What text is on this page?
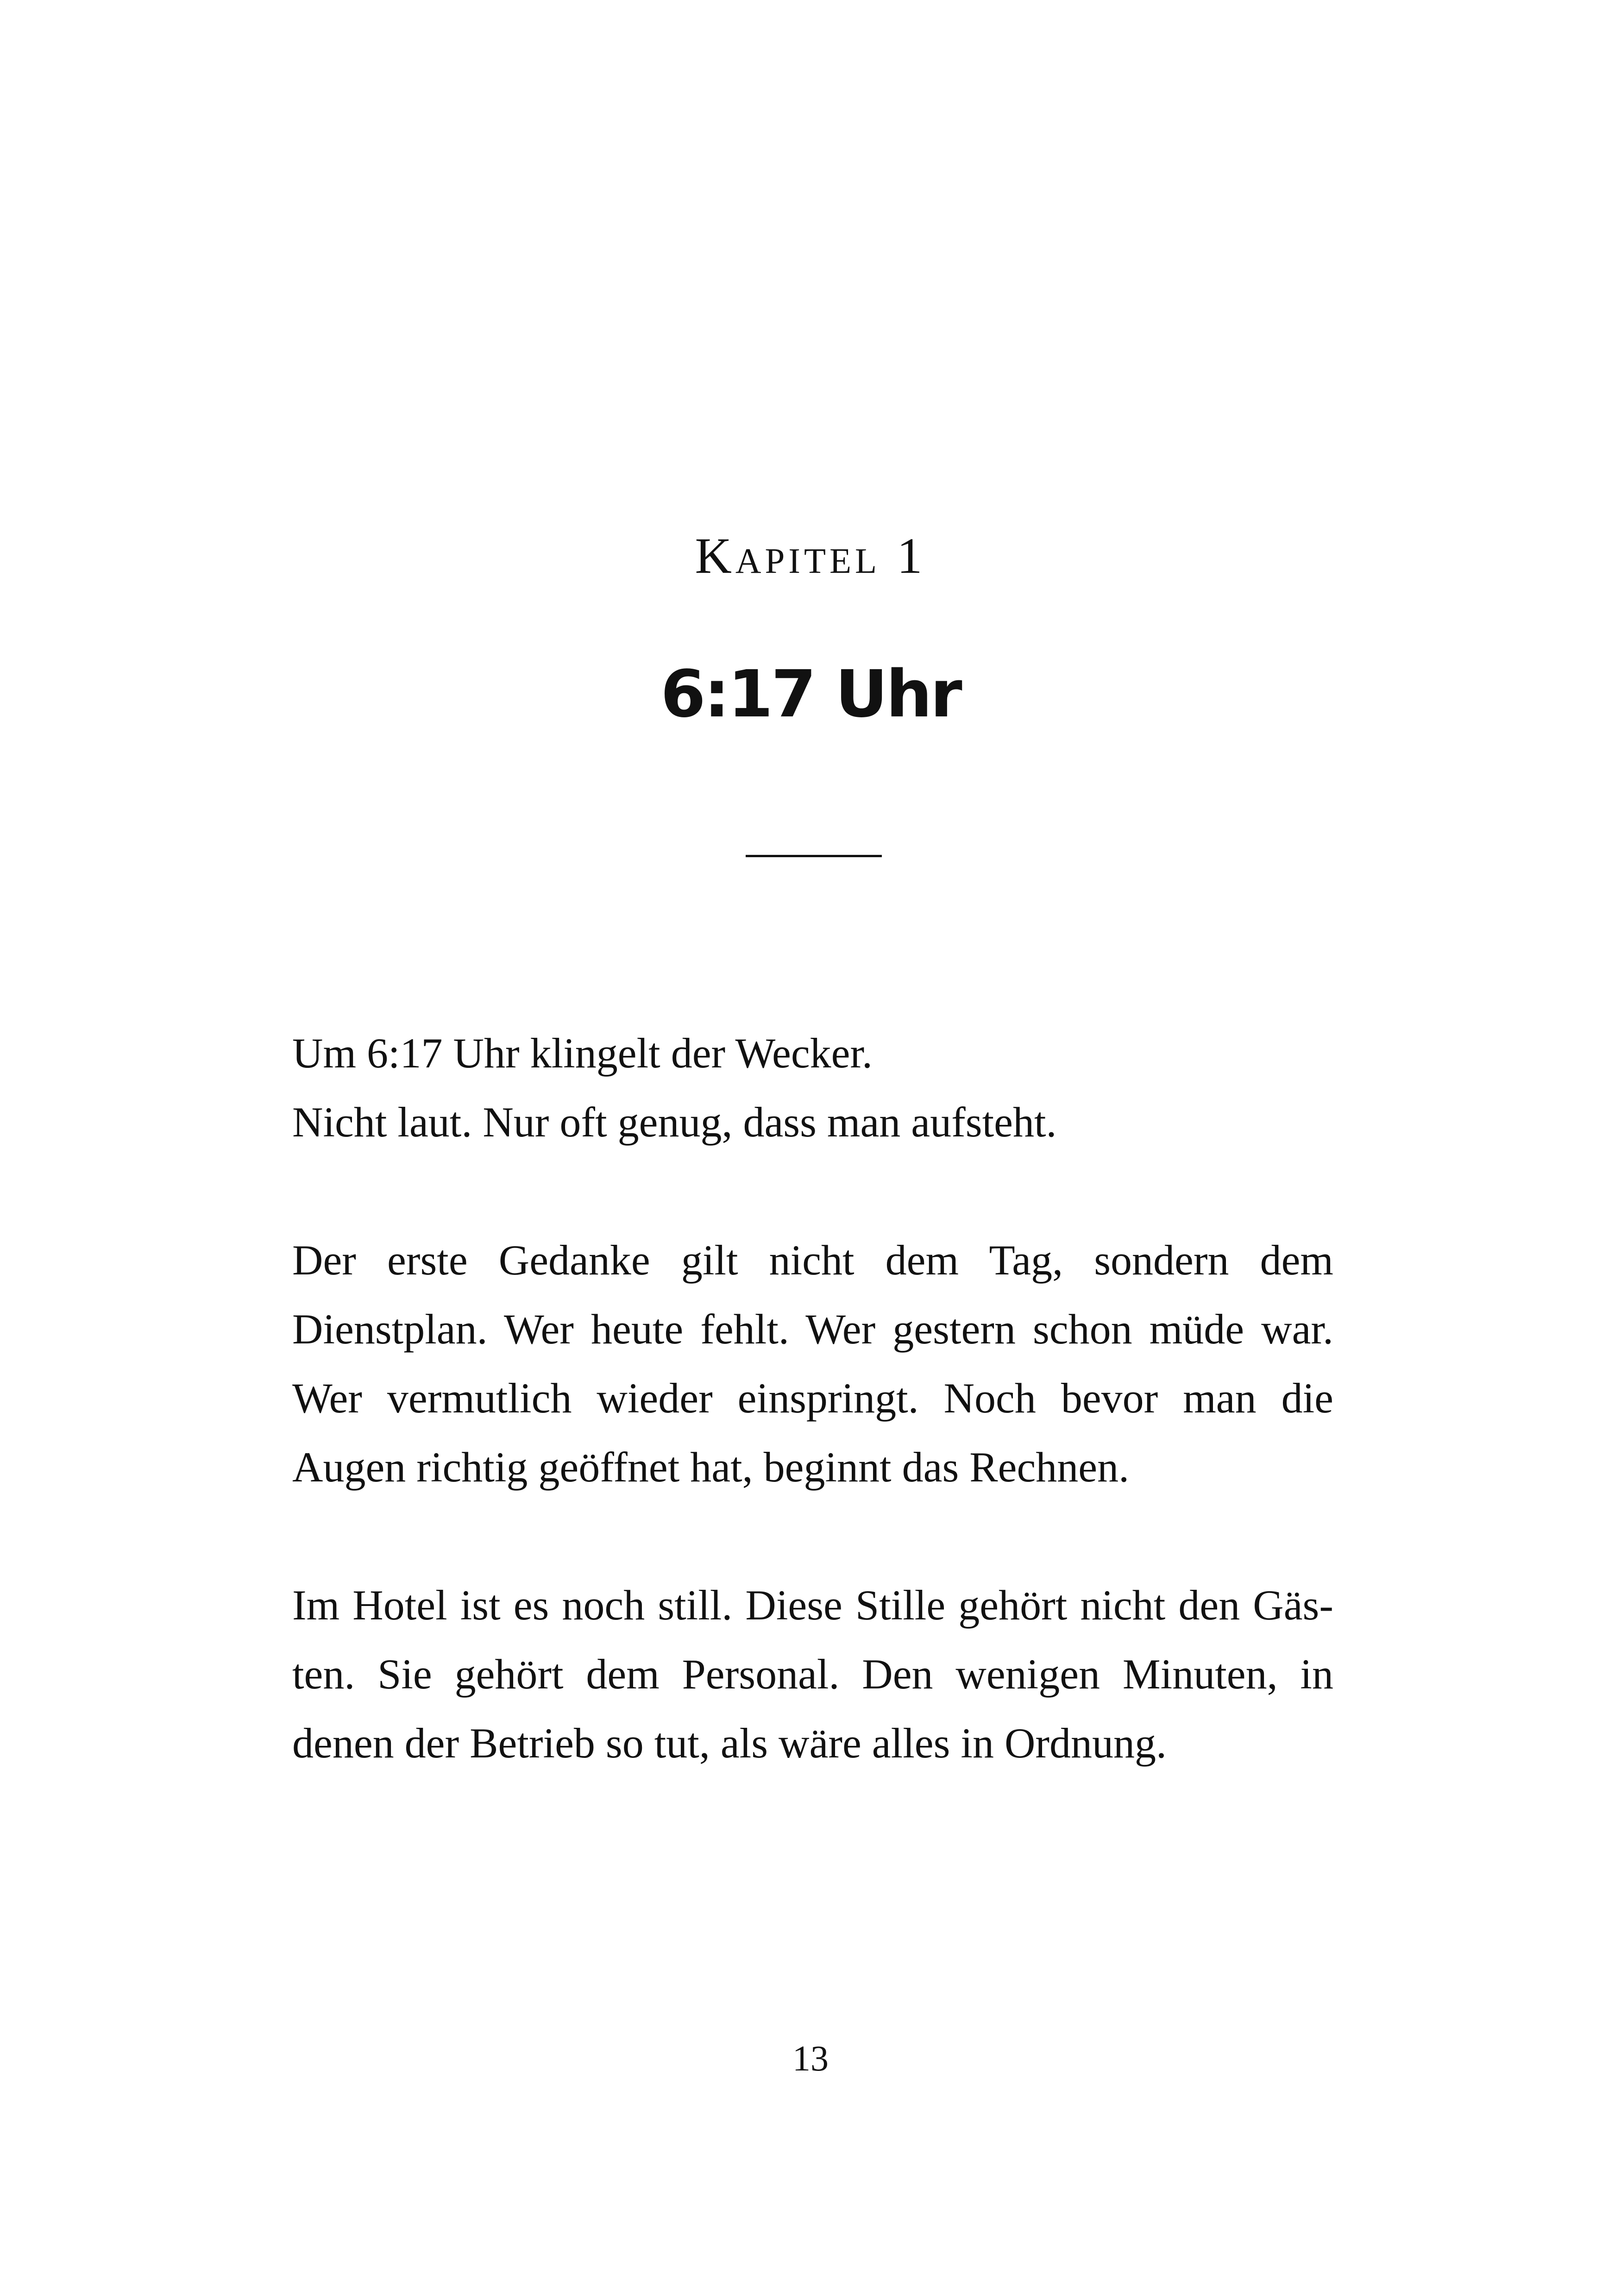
Kapitel 1
6:17 Uhr

Um 6:17 Uhr klingelt der Wecker.
Nicht laut. Nur oft genug, dass man aufsteht.

Der erste Gedanke gilt nicht dem Tag, sondern dem Dienstplan. Wer heute fehlt. Wer gestern schon müde war. Wer vermutlich wieder einspringt. Noch bevor man die Augen richtig geöffnet hat, beginnt das Rechnen.

Im Hotel ist es noch still. Diese Stille gehört nicht den Gästen. Sie gehört dem Personal. Den wenigen Minuten, in denen der Betrieb so tut, als wäre alles in Ordnung.

13
